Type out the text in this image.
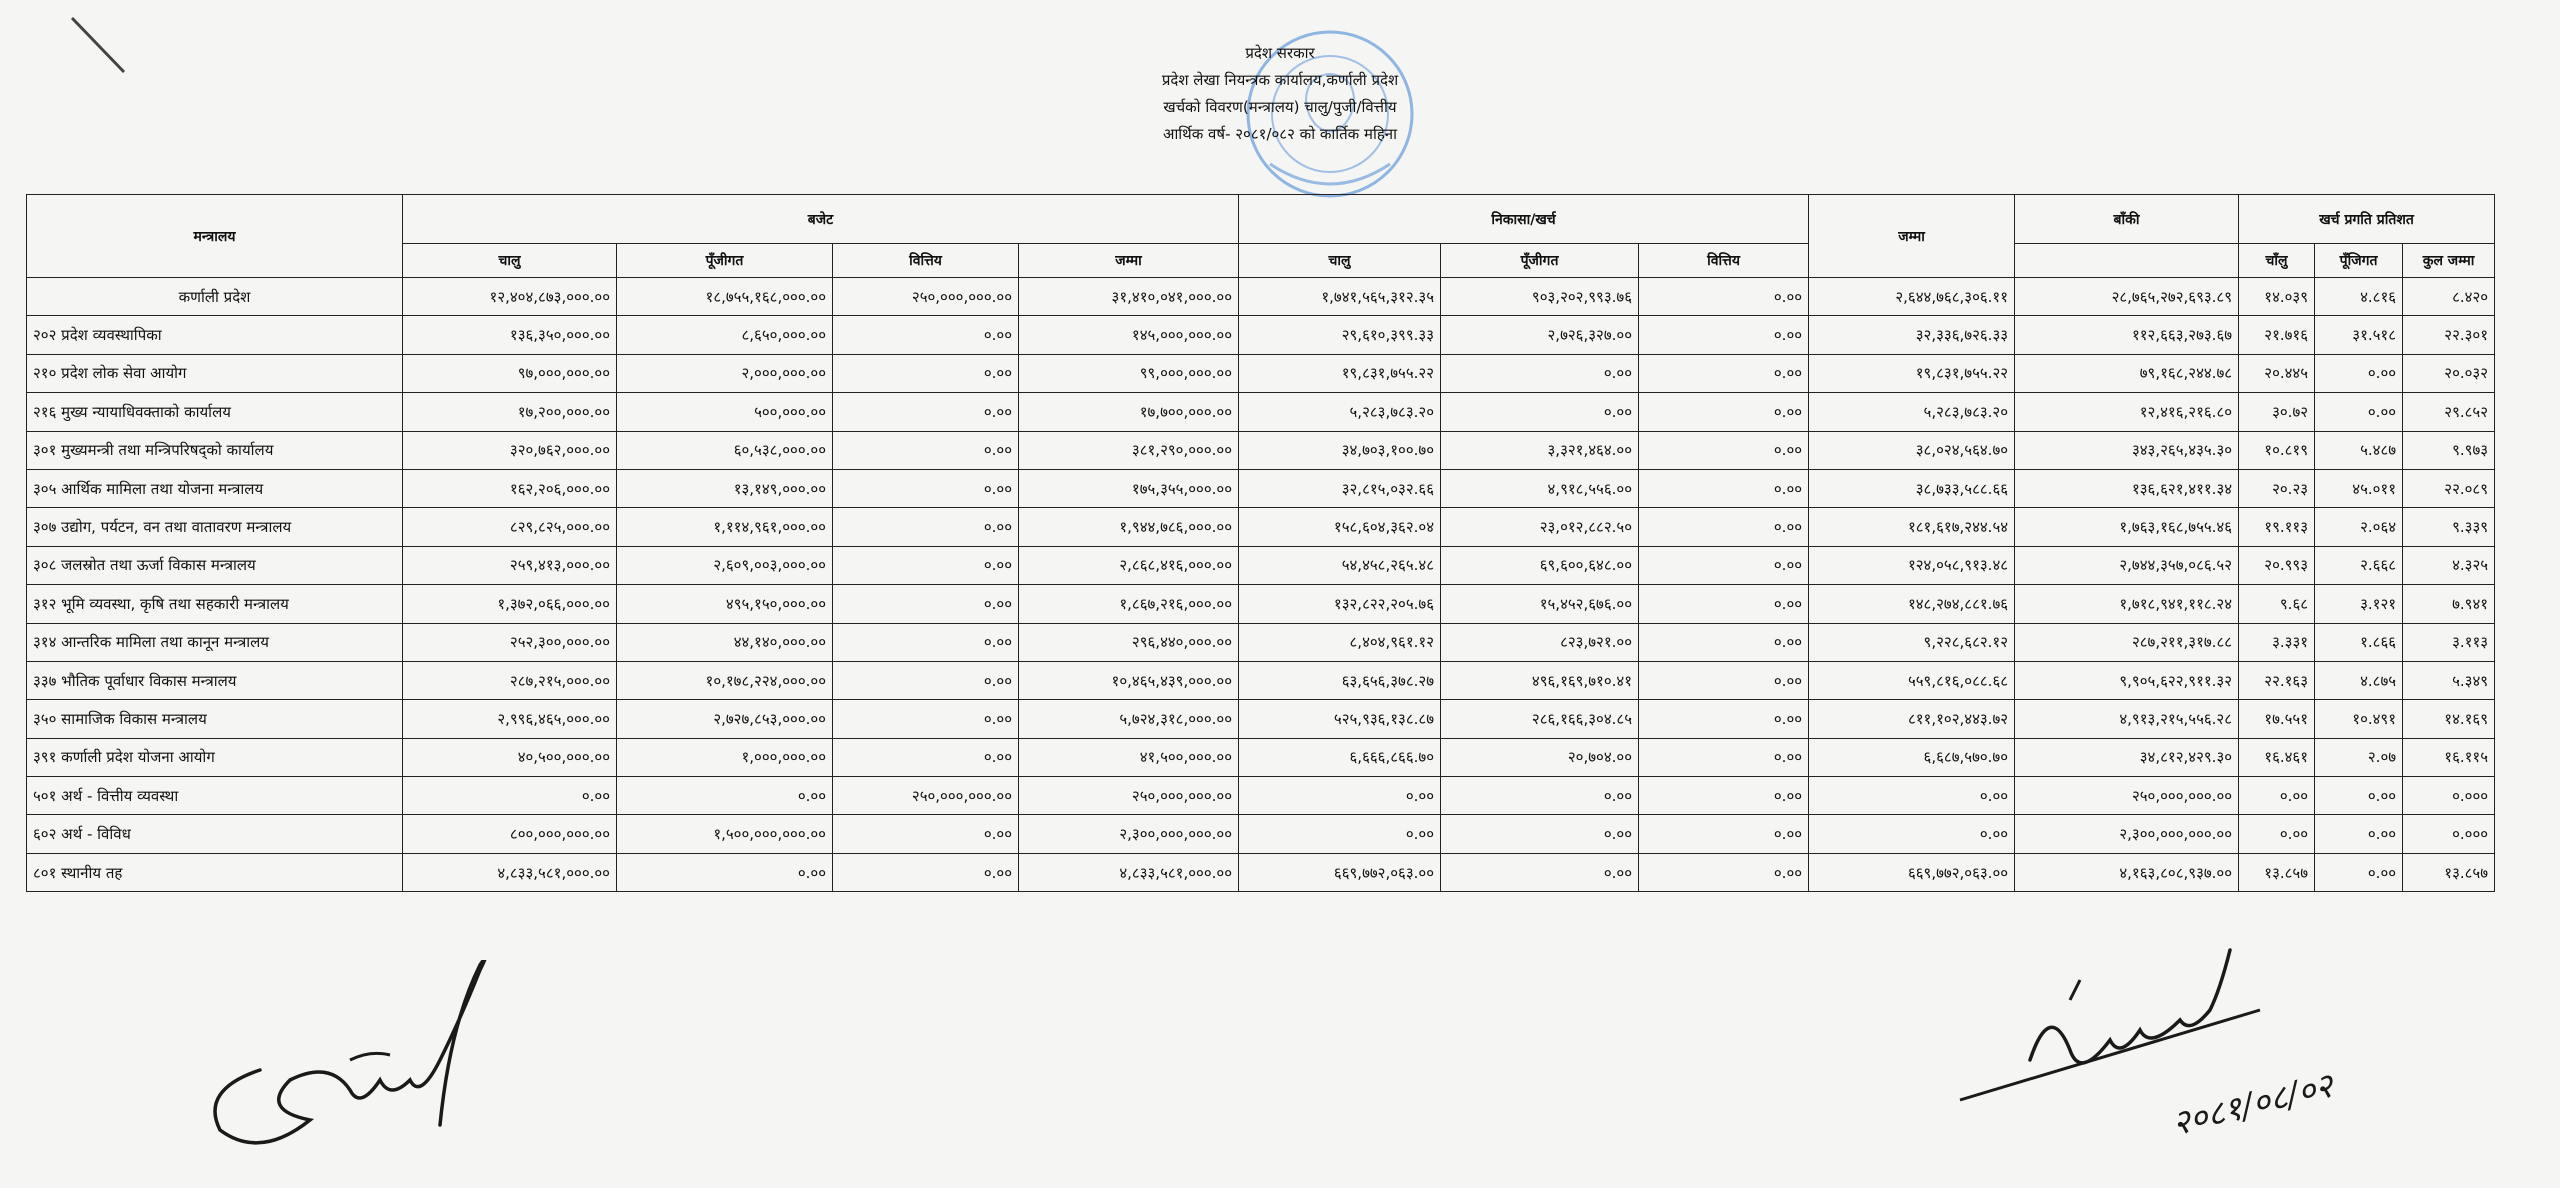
प्रदेश सरकार
प्रदेश लेखा नियन्त्रक कार्यालय,कर्णाली प्रदेश
खर्चको विवरण(मन्त्रालय) चालु/पुजी/वित्तीय
आर्थिक वर्ष- २०८१/०८२ को कार्तिक महिना
मन्त्रालय	बजेट				निकासा/खर्च			जम्मा	बाँकी	खर्च प्रगति प्रतिशत		
	चालु	पूँजीगत	वित्तिय	जम्मा	चालु	पूँजीगत	वित्तिय			चाँलु	पूँजिगत	कुल जम्मा
कर्णाली प्रदेश	१२,४०४,८७३,०००.००	१८,७५५,१६८,०००.००	२५०,०००,०००.००	३१,४१०,०४१,०००.००	१,७४१,५६५,३१२.३५	९०३,२०२,९९३.७६	०.००	२,६४४,७६८,३०६.११	२८,७६५,२७२,६९३.८९	१४.०३९	४.८१६	८.४२०
२०२ प्रदेश व्यवस्थापिका	१३६,३५०,०००.००	८,६५०,०००.००	०.००	१४५,०००,०००.००	२९,६१०,३९९.३३	२,७२६,३२७.००	०.००	३२,३३६,७२६.३३	११२,६६३,२७३.६७	२१.७१६	३१.५१८	२२.३०१
२१० प्रदेश लोक सेवा आयोग	९७,०००,०००.००	२,०००,०००.००	०.००	९९,०००,०००.००	१९,८३१,७५५.२२	०.००	०.००	१९,८३१,७५५.२२	७९,१६८,२४४.७८	२०.४४५	०.००	२०.०३२
२१६ मुख्य न्यायाधिवक्ताको कार्यालय	१७,२००,०००.००	५००,०००.००	०.००	१७,७००,०००.००	५,२८३,७८३.२०	०.००	०.००	५,२८३,७८३.२०	१२,४१६,२१६.८०	३०.७२	०.००	२९.८५२
३०१ मुख्यमन्त्री तथा मन्त्रिपरिषद्को कार्यालय	३२०,७६२,०००.००	६०,५३८,०००.००	०.००	३८१,२९०,०००.००	३४,७०३,१००.७०	३,३२१,४६४.००	०.००	३८,०२४,५६४.७०	३४३,२६५,४३५.३०	१०.८१९	५.४८७	९.९७३
३०५ आर्थिक मामिला तथा योजना मन्त्रालय	१६२,२०६,०००.००	१३,१४९,०००.००	०.००	१७५,३५५,०००.००	३२,८१५,०३२.६६	४,९१८,५५६.००	०.००	३८,७३३,५८८.६६	१३६,६२१,४११.३४	२०.२३	४५.०११	२२.०८९
३०७ उद्योग, पर्यटन, वन तथा वातावरण मन्त्रालय	८२९,८२५,०००.००	१,११४,९६१,०००.००	०.००	१,९४४,७८६,०००.००	१५८,६०४,३६२.०४	२३,०१२,८८२.५०	०.००	१८१,६१७,२४४.५४	१,७६३,१६८,७५५.४६	१९.११३	२.०६४	९.३३९
३०८ जलस्रोत तथा ऊर्जा विकास मन्त्रालय	२५९,४१३,०००.००	२,६०९,००३,०००.००	०.००	२,८६८,४१६,०००.००	५४,४५८,२६५.४८	६९,६००,६४८.००	०.००	१२४,०५८,९१३.४८	२,७४४,३५७,०८६.५२	२०.९९३	२.६६८	४.३२५
३१२ भूमि व्यवस्था, कृषि तथा सहकारी मन्त्रालय	१,३७२,०६६,०००.००	४९५,१५०,०००.००	०.००	१,८६७,२१६,०००.००	१३२,८२२,२०५.७६	१५,४५२,६७६.००	०.००	१४८,२७४,८८१.७६	१,७१८,९४१,११८.२४	९.६८	३.१२१	७.९४१
३१४ आन्तरिक मामिला तथा कानून मन्त्रालय	२५२,३००,०००.००	४४,१४०,०००.००	०.००	२९६,४४०,०००.००	८,४०४,९६१.१२	८२३,७२१.००	०.००	९,२२८,६८२.१२	२८७,२११,३१७.८८	३.३३१	१.८६६	३.११३
३३७ भौतिक पूर्वाधार विकास मन्त्रालय	२८७,२१५,०००.००	१०,१७८,२२४,०००.००	०.००	१०,४६५,४३९,०००.००	६३,६५६,३७८.२७	४९६,१६९,७१०.४१	०.००	५५९,८१६,०८८.६८	९,९०५,६२२,९११.३२	२२.१६३	४.८७५	५.३४९
३५० सामाजिक विकास मन्त्रालय	२,९९६,४६५,०००.००	२,७२७,८५३,०००.००	०.००	५,७२४,३१८,०००.००	५२५,९३६,१३८.८७	२८६,१६६,३०४.८५	०.००	८११,१०२,४४३.७२	४,९१३,२१५,५५६.२८	१७.५५१	१०.४९१	१४.१६९
३९१ कर्णाली प्रदेश योजना आयोग	४०,५००,०००.००	१,०००,०००.००	०.००	४१,५००,०००.००	६,६६६,८६६.७०	२०,७०४.००	०.००	६,६८७,५७०.७०	३४,८१२,४२९.३०	१६.४६१	२.०७	१६.११५
५०१ अर्थ - वित्तीय व्यवस्था	०.००	०.००	२५०,०००,०००.००	२५०,०००,०००.००	०.००	०.००	०.००	०.००	२५०,०००,०००.००	०.००	०.००	०.०००
६०२ अर्थ - विविध	८००,०००,०००.००	१,५००,०००,०००.००	०.००	२,३००,०००,०००.००	०.००	०.००	०.००	०.००	२,३००,०००,०००.००	०.००	०.००	०.०००
८०१ स्थानीय तह	४,८३३,५८१,०००.००	०.००	०.००	४,८३३,५८१,०००.००	६६९,७७२,०६३.००	०.००	०.००	६६९,७७२,०६३.००	४,१६३,८०८,९३७.००	१३.८५७	०.००	१३.८५७
२०८१/०८/०२
